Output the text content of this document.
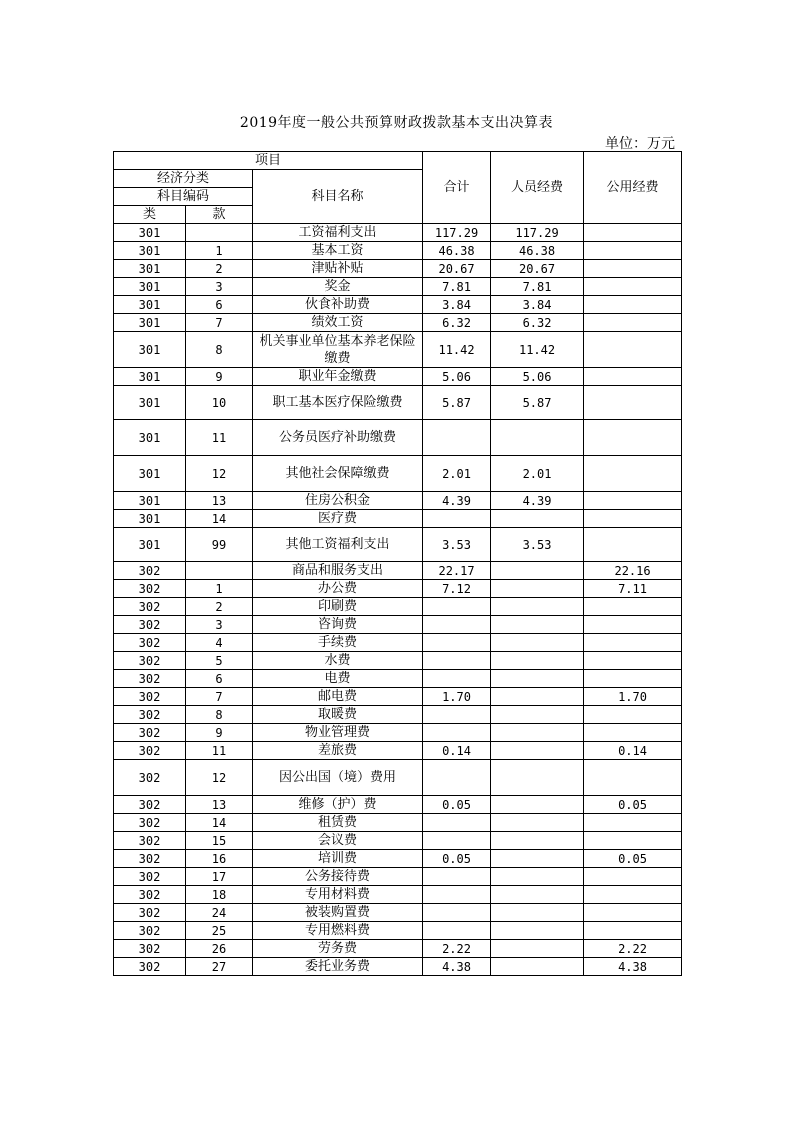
2019年度一般公共预算财政拨款基本支出决算表
单位：万元
项目			合计	人员经费	公用经费
经济分类		科目名称			
科目编码					
类	款				
301		工资福利支出	117.29	117.29	
301	1	基本工资	46.38	46.38	
301	2	津贴补贴	20.67	20.67	
301	3	奖金	7.81	7.81	
301	6	伙食补助费	3.84	3.84	
301	7	绩效工资	6.32	6.32	
301	8	机关事业单位基本养老保险缴费	11.42	11.42	
301	9	职业年金缴费	5.06	5.06	
301	10	职工基本医疗保险缴费	5.87	5.87	
301	11	公务员医疗补助缴费			
301	12	其他社会保障缴费	2.01	2.01	
301	13	住房公积金	4.39	4.39	
301	14	医疗费			
301	99	其他工资福利支出	3.53	3.53	
302		商品和服务支出	22.17		22.16
302	1	办公费	7.12		7.11
302	2	印刷费			
302	3	咨询费			
302	4	手续费			
302	5	水费			
302	6	电费			
302	7	邮电费	1.70		1.70
302	8	取暖费			
302	9	物业管理费			
302	11	差旅费	0.14		0.14
302	12	因公出国（境）费用			
302	13	维修（护）费	0.05		0.05
302	14	租赁费			
302	15	会议费			
302	16	培训费	0.05		0.05
302	17	公务接待费			
302	18	专用材料费			
302	24	被装购置费			
302	25	专用燃料费			
302	26	劳务费	2.22		2.22
302	27	委托业务费	4.38		4.38
